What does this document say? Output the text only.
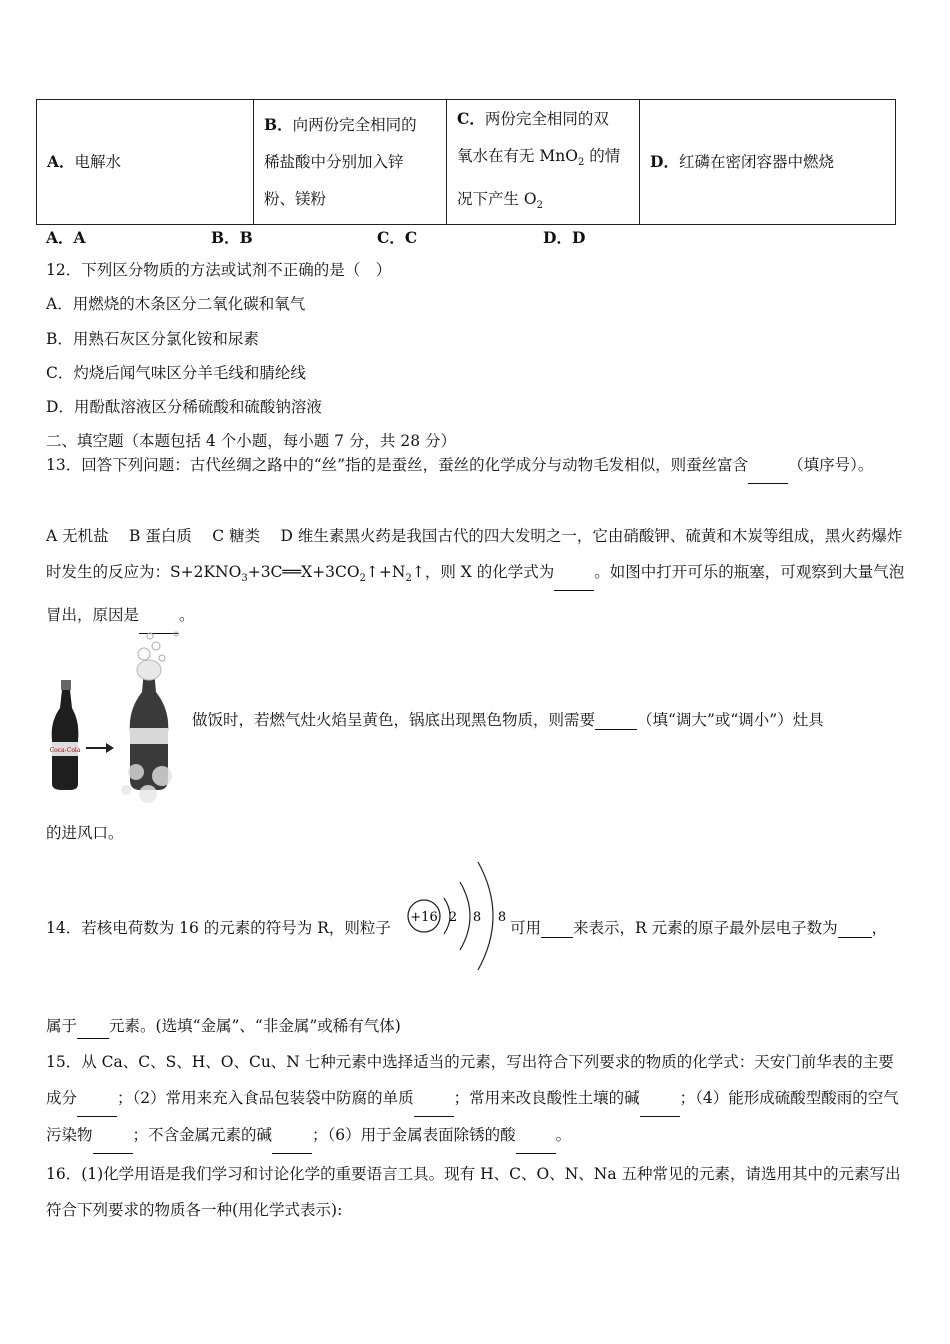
A．电解水	B．向两份完全相同的
稀盐酸中分别加入锌
粉、镁粉	C．两份完全相同的双
氧水在有无 MnO$_2$ 的情
况下产生 $O_2$	D．红磷在密闭容器中燃烧
A．A	B．B	C．C	D．D
12．下列区分物质的方法或试剂不正确的是（　）
A．用燃烧的木条区分二氧化碳和氧气
B．用熟石灰区分氯化铵和尿素
C．灼烧后闻气味区分羊毛线和腈纶线
D．用酚酞溶液区分稀硫酸和硫酸钠溶液
二、填空题（本题包括 4 个小题，每小题 7 分，共 28 分）
13．回答下列问题：古代丝绸之路中的“丝”指的是蚕丝，蚕丝的化学成分与动物毛发相似，则蚕丝富含	（填序号）。
A 无机盐　 B 蛋白质　 C 糖类　 D 维生素黑火药是我国古代的四大发明之一，它由硝酸钾、硫黄和木炭等组成，黑火药爆炸时发生的反应为：$S+2KNO_3+3C══X+3CO_2↑+N_2↑$，则 X 的化学式为	。如图中打开可乐的瓶塞，可观察到大量气泡冒出，原因是	。
Coca-Cola
做饭时，若燃气灶火焰呈黄色，锅底出现黑色物质，则需要	（填“调大”或“调小”）灶具
的进风口。
14．若核电荷数为 16 的元素的符号为 R，则粒子
+16 2 8 8
可用 来表示，R 元素的原子最外层电子数为 ，
属于 元素。(选填“金属”、“非金属”或稀有气体)
15．从 Ca、C、S、H、O、Cu、N 七种元素中选择适当的元素，写出符合下列要求的物质的化学式：天安门前华表的主要成分	；（2）常用来充入食品包装袋中防腐的单质	；常用来改良酸性土壤的碱	；（4）能形成硫酸型酸雨的空气污染物	；不含金属元素的碱	；（6）用于金属表面除锈的酸	。
16．(1)化学用语是我们学习和讨论化学的重要语言工具。现有 H、C、O、N、Na 五种常见的元素，请选用其中的元素写出符合下列要求的物质各一种(用化学式表示):
